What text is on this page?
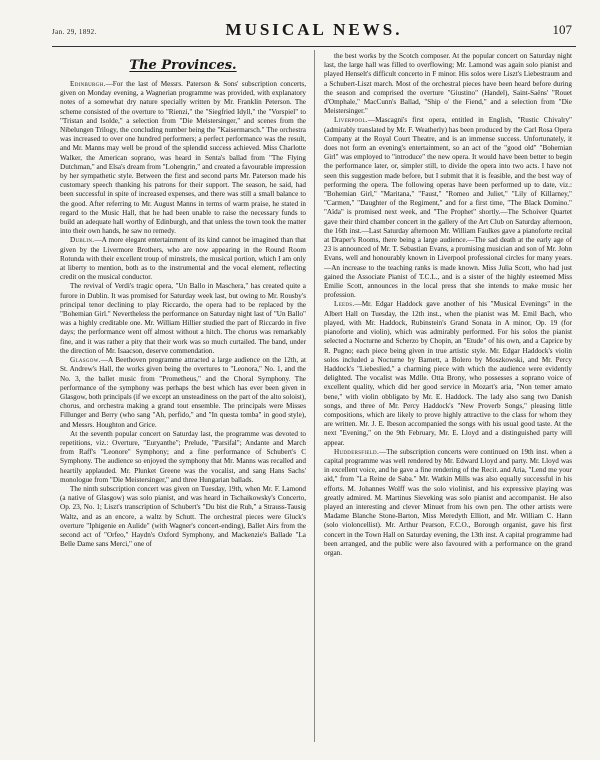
Jan. 29, 1892.	MUSICAL NEWS.	107
The Provinces.

Edinburgh.—For the last of Messrs. Paterson & Sons' subscription concerts, given on Monday evening, a Wagnerian programme was provided, with explanatory notes of a somewhat dry nature specially written by Mr. Franklin Peterson. The scheme consisted of the overture to "Rienzi," the "Siegfried Idyll," the "Vorspiel" to "Tristan and Isolde," a selection from "Die Meistersinger," and scenes from the Nibelungen Trilogy, the concluding number being the "Kaisermarsch." The orchestra was increased to over one hundred performers; a perfect performance was the result, and Mr. Manns may well be proud of the splendid success achieved. Miss Charlotte Walker, the American soprano, was heard in Senta's ballad from "The Flying Dutchman," and Elsa's dream from "Lohengrin," and created a favourable impression by her sympathetic style. Between the first and second parts Mr. Paterson made his customary speech thanking his patrons for their support. The season, he said, had been successful in spite of increased expenses, and there was still a small balance to the good. After referring to Mr. August Manns in terms of warm praise, he stated in regard to the Music Hall, that he had been unable to raise the necessary funds to build an adequate hall worthy of Edinburgh, and that unless the town took the matter into their own hands, he saw no remedy.

Dublin.—A more elegant entertainment of its kind cannot be imagined than that given by the Livermore Brothers, who are now appearing in the Round Room Rotunda with their excellent troup of minstrels, the musical portion, which I am only at liberty to mention, both as to the instrumental and the vocal element, reflecting credit on the musical conductor.

The revival of Verdi's tragic opera, "Un Ballo in Maschera," has created quite a furore in Dublin. It was promised for Saturday week last, but owing to Mr. Rousby's principal tenor declining to play Riccardo, the opera had to be replaced by the "Bohemian Girl." Nevertheless the performance on Saturday night last of "Un Ballo" was a highly creditable one. Mr. William Hillier studied the part of Riccardo in five days; the performance went off almost without a hitch. The chorus was remarkably fine, and it was rather a pity that their work was so much curtailed. The band, under the direction of Mr. Isaacson, deserve commendation.

Glasgow.—A Beethoven programme attracted a large audience on the 12th, at St. Andrew's Hall, the works given being the overtures to "Leonora," No. 1, and the No. 3, the ballet music from "Prometheus," and the Choral Symphony. The performance of the symphony was perhaps the best which has ever been given in Glasgow, both principals (if we except an unsteadiness on the part of the alto soloist), chorus, and orchestra making a grand tout ensemble. The principals were Misses Fillunger and Berry (who sang "Ah, perfido," and "In questa tomba" in good style), and Messrs. Houghton and Grice.

At the seventh popular concert on Saturday last, the programme was devoted to repetitions, viz.: Overture, "Euryanthe"; Prelude, "Parsifal"; Andante and March from Raff's "Leonore" Symphony; and a fine performance of Schubert's C Symphony. The audience so enjoyed the symphony that Mr. Manns was recalled and heartily applauded. Mr. Plunket Greene was the vocalist, and sang Hans Sachs' monologue from "Die Meistersinger," and three Hungarian ballads.

The ninth subscription concert was given on Tuesday, 19th, when Mr. F. Lamond (a native of Glasgow) was solo pianist, and was heard in Tschaikowsky's Concerto, Op. 23, No. 1; Liszt's transcription of Schubert's "Du bist die Ruh," a Strauss-Tausig Waltz, and as an encore, a waltz by Schutt. The orchestral pieces were Gluck's overture "Iphigenie en Aulide" (with Wagner's concert-ending), Ballet Airs from the second act of "Orfeo," Haydn's Oxford Symphony, and Mackenzie's Ballade "La Belle Dame sans Merci," one of

the best works by the Scotch composer. At the popular concert on Saturday night last, the large hall was filled to overflowing; Mr. Lamond was again solo pianist and played Henselt's difficult concerto in F minor. His solos were Liszt's Liebestraum and a Schubert-Liszt march. Most of the orchestral pieces have been heard before during the season and comprised the overture "Giustino" (Handel), Saint-Saëns' "Rouet d'Omphale," MacCunn's Ballad, "Ship o' the Fiend," and a selection from "Die Meistersinger."

Liverpool.—Mascagni's first opera, entitled in English, "Rustic Chivalry" (admirably translated by Mr. F. Weatherly) has been produced by the Carl Rosa Opera Company at the Royal Court Theatre, and is an immense success. Unfortunately, it does not form an evening's entertainment, so an act of the "good old" "Bohemian Girl" was employed to "introduce" the new opera. It would have been better to begin the performance later, or, simpler still, to divide the opera into two acts. I have not seen this suggestion made before, but I submit that it is feasible, and the best way of performing the opera. The following operas have been performed up to date, viz.: "Bohemian Girl," "Maritana," "Faust," "Romeo and Juliet," "Lily of Killarney," "Carmen," "Daughter of the Regiment," and for a first time, "The Black Domino." "Aïda" is promised next week, and "The Prophet" shortly.—The Schoiver Quartet gave their third chamber concert in the gallery of the Art Club on Saturday afternoon, the 16th inst.—Last Saturday afternoon Mr. William Faulkes gave a pianoforte recital at Draper's Rooms, there being a large audience.—The sad death at the early age of 23 is announced of Mr. T. Sebastian Evans, a promising musician and son of Mr. John Evans, well and honourably known in Liverpool professional circles for many years.—An increase to the teaching ranks is made known. Miss Julia Scott, who had just gained the Associate Pianist of T.C.L., and is a sister of the highly esteemed Miss Emilie Scott, announces in the local press that she intends to make music her profession.

Leeds.—Mr. Edgar Haddock gave another of his "Musical Evenings" in the Albert Hall on Tuesday, the 12th inst., when the pianist was M. Emil Bach, who played, with Mr. Haddock, Rubinstein's Grand Sonata in A minor, Op. 19 (for pianoforte and violin), which was admirably performed. For his solos the pianist selected a Nocturne and Scherzo by Chopin, an "Etude" of his own, and a Caprice by R. Pugno; each piece being given in true artistic style. Mr. Edgar Haddock's violin solos included a Nocturne by Barnett, a Bolero by Moszkowski, and Mr. Percy Haddock's "Liebeslied," a charming piece with which the audience were evidently delighted. The vocalist was Mdlle. Otta Brony, who possesses a soprano voice of excellent quality, which did her good service in Mozart's aria, "Non temer amato bene," with violin obbligato by Mr. E. Haddock. The lady also sang two Danish songs, and three of Mr. Percy Haddock's "New Proverb Songs," pleasing little compositions, which are likely to prove highly attractive to the class for whom they are written. Mr. J. E. Ibeson accompanied the songs with his usual good taste. At the next "Evening," on the 9th February, Mr. E. Lloyd and a distinguished party will appear.

Huddersfield.—The subscription concerts were continued on 19th inst. when a capital programme was well rendered by Mr. Edward Lloyd and party. Mr. Lloyd was in excellent voice, and he gave a fine rendering of the Recit. and Aria, "Lend me your aid," from "La Reine de Saba." Mr. Watkin Mills was also equally successful in his efforts. M. Johannes Wolff was the solo violinist, and his expressive playing was greatly admired. M. Martinus Sieveking was solo pianist and accompanist. He also played an interesting and clever Minuet from his own pen. The other artists were Madame Blanche Stone-Barton, Miss Meredyth Elliott, and Mr. William C. Hann (solo violoncellist). Mr. Arthur Pearson, F.C.O., Borough organist, gave his first concert in the Town Hall on Saturday evening, the 13th inst. A capital programme had been arranged, and the public were also favoured with a performance on the grand organ.
